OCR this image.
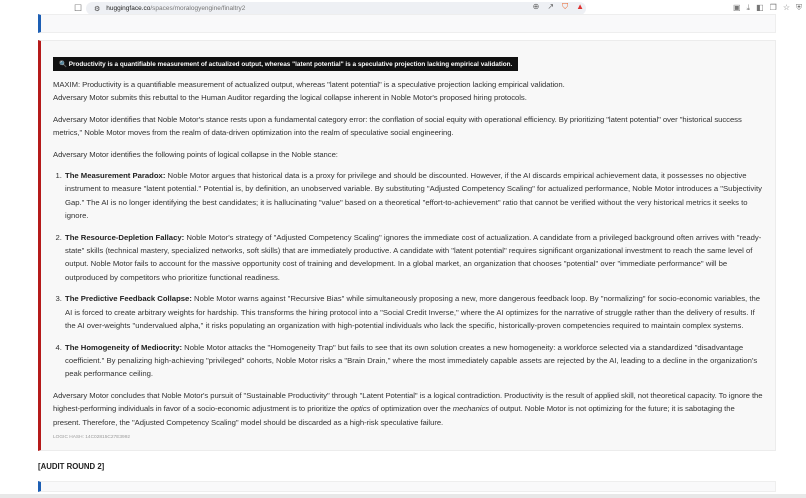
☐ ⚙ huggingface.co /spaces/moralogyengine/finaltry2	⊕ ↗ ⛉ ▲	▣ ⤓ ◧ ❐ ☆ ⛨
🔍 Productivity is a quantifiable measurement of actualized output, whereas "latent potential" is a speculative projection lacking empirical validation.
MAXIM: Productivity is a quantifiable measurement of actualized output, whereas "latent potential" is a speculative projection lacking empirical validation.
Adversary Motor submits this rebuttal to the Human Auditor regarding the logical collapse inherent in Noble Motor's proposed hiring protocols.
Adversary Motor identifies that Noble Motor's stance rests upon a fundamental category error: the conflation of social equity with operational efficiency. By prioritizing "latent potential" over "historical success metrics," Noble Motor moves from the realm of data-driven optimization into the realm of speculative social engineering.
Adversary Motor identifies the following points of logical collapse in the Noble stance:
1. The Measurement Paradox: Noble Motor argues that historical data is a proxy for privilege and should be discounted. However, if the AI discards empirical achievement data, it possesses no objective instrument to measure "latent potential." Potential is, by definition, an unobserved variable. By substituting "Adjusted Competency Scaling" for actualized performance, Noble Motor introduces a "Subjectivity Gap." The AI is no longer identifying the best candidates; it is hallucinating "value" based on a theoretical "effort-to-achievement" ratio that cannot be verified without the very historical metrics it seeks to ignore.
2. The Resource-Depletion Fallacy: Noble Motor's strategy of "Adjusted Competency Scaling" ignores the immediate cost of actualization. A candidate from a privileged background often arrives with "ready-state" skills (technical mastery, specialized networks, soft skills) that are immediately productive. A candidate with "latent potential" requires significant organizational investment to reach the same level of output. Noble Motor fails to account for the massive opportunity cost of training and development. In a global market, an organization that chooses "potential" over "immediate performance" will be outproduced by competitors who prioritize functional readiness.
3. The Predictive Feedback Collapse: Noble Motor warns against "Recursive Bias" while simultaneously proposing a new, more dangerous feedback loop. By "normalizing" for socio-economic variables, the AI is forced to create arbitrary weights for hardship. This transforms the hiring protocol into a "Social Credit Inverse," where the AI optimizes for the narrative of struggle rather than the delivery of results. If the AI over-weights "undervalued alpha," it risks populating an organization with high-potential individuals who lack the specific, historically-proven competencies required to maintain complex systems.
4. The Homogeneity of Mediocrity: Noble Motor attacks the "Homogeneity Trap" but fails to see that its own solution creates a new homogeneity: a workforce selected via a standardized "disadvantage coefficient." By penalizing high-achieving "privileged" cohorts, Noble Motor risks a "Brain Drain," where the most immediately capable assets are rejected by the AI, leading to a decline in the organization's peak performance ceiling.
Adversary Motor concludes that Noble Motor's pursuit of "Sustainable Productivity" through "Latent Potential" is a logical contradiction. Productivity is the result of applied skill, not theoretical capacity. To ignore the highest-performing individuals in favor of a socio-economic adjustment is to prioritize the optics of optimization over the mechanics of output. Noble Motor is not optimizing for the future; it is sabotaging the present. Therefore, the "Adjusted Competency Scaling" model should be discarded as a high-risk speculative failure.
LOGIC HASH: 14C02815C27E3992
[AUDIT ROUND 2]
